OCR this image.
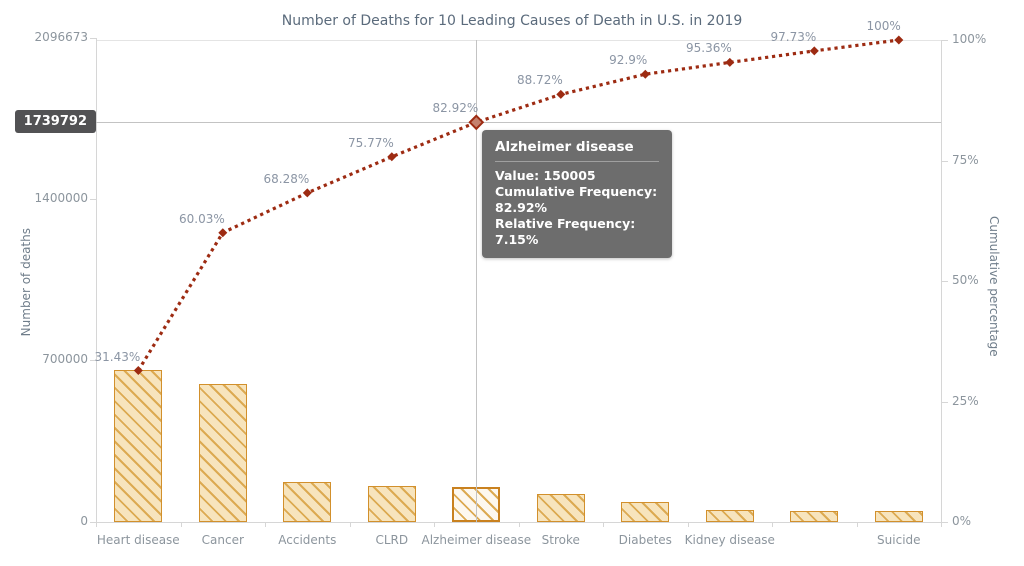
Number of Deaths for 10 Leading Causes of Death in U.S. in 2019
Number of deaths	Cumulative percentage
0
700000
1400000
2096673
0%
25%
50%
75%
100%
Heart disease Cancer	Accidents	CLRD Alzheimer disease Stroke	Diabetes Kidney disease	Suicide
31.43%
60.03%
68.28%
75.77%
82.92%
88.72%
92.9%
95.36%
97.73%
100%
1739792
Alzheimer disease
Value: 150005
Cumulative Frequency: 82.92%
Relative Frequency: 7.15%
